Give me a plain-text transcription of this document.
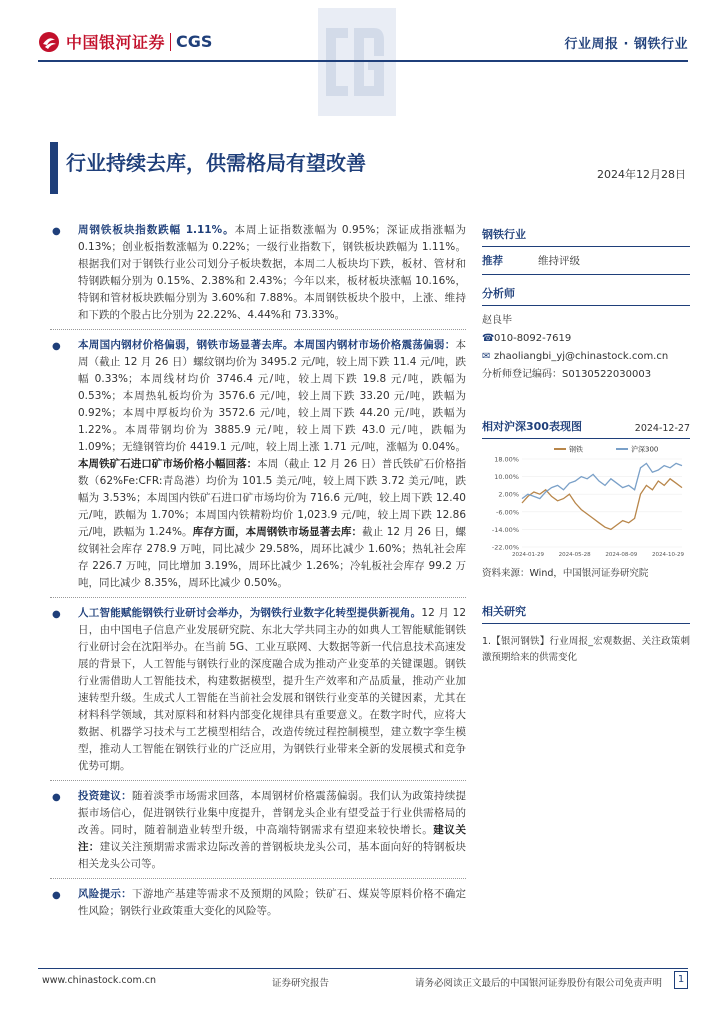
中国银河证券 CGS	行业周报 · 钢铁行业
行业持续去库，供需格局有望改善	2024年12月28日
● 周钢铁板块指数跌幅 1.11%。本周上证指数涨幅为 0.95%；深证成指涨幅为 0.13%；创业板指数涨幅为 0.22%；一级行业指数下，钢铁板块跌幅为 1.11%。根据我们对于钢铁行业公司划分子板块数据，本周二人板块均下跌，板材、管材和特钢跌幅分别为 0.15%、2.38%和 2.43%；今年以来，板材板块涨幅 10.16%，特钢和管材板块跌幅分别为 3.60%和 7.88%。本周钢铁板块个股中，上涨、维持和下跌的个股占比分别为 22.22%、4.44%和 73.33%。

● 本周国内钢材价格偏弱，钢铁市场显著去库。本周国内钢材市场价格震荡偏弱：本周（截止 12 月 26 日）螺纹钢均价为 3495.2 元/吨，较上周下跌 11.4 元/吨，跌幅 0.33%；本周线材均价 3746.4 元/吨，较上周下跌 19.8 元/吨，跌幅为 0.53%；本周热轧板均价为 3576.6 元/吨，较上周下跌 33.20 元/吨，跌幅为 0.92%；本周中厚板均价为 3572.6 元/吨，较上周下跌 44.20 元/吨，跌幅为 1.22%。本周带钢均价为 3885.9 元/吨，较上周下跌 43.0 元/吨，跌幅为 1.09%；无缝钢管均价 4419.1 元/吨，较上周上涨 1.71 元/吨，涨幅为 0.04%。本周铁矿石进口矿市场价格小幅回落：本周（截止 12 月 26 日）普氏铁矿石价格指数（62%Fe:CFR:青岛港）均价为 101.5 美元/吨，较上周下跌 3.72 美元/吨，跌幅为 3.53%；本周国内铁矿石进口矿市场均价为 716.6 元/吨，较上周下跌 12.40 元/吨，跌幅为 1.70%；本周国内铁精粉均价 1,023.9 元/吨，较上周下跌 12.86 元/吨，跌幅为 1.24%。库存方面，本周钢铁市场显著去库：截止 12 月 26 日，螺纹钢社会库存 278.9 万吨，同比减少 29.58%，周环比减少 1.60%；热轧社会库存 226.7 万吨，同比增加 3.19%，周环比减少 1.26%；冷轧板社会库存 99.2 万吨，同比减少 8.35%，周环比减少 0.50%。

● 人工智能赋能钢铁行业研讨会举办，为钢铁行业数字化转型提供新视角。12 月 12 日，由中国电子信息产业发展研究院、东北大学共同主办的如典人工智能赋能钢铁行业研讨会在沈阳举办。在当前 5G、工业互联网、大数据等新一代信息技术高速发展的背景下，人工智能与钢铁行业的深度融合成为推动产业变革的关键课题。钢铁行业需借助人工智能技术，构建数据模型，提升生产效率和产品质量，推动产业加速转型升级。生成式人工智能在当前社会发展和钢铁行业变革的关键因素，尤其在材料科学领域，其对原料和材料内部变化规律具有重要意义。在数字时代，应将大数据、机器学习技术与工艺模型相结合，改造传统过程控制模型，建立数字孪生模型，推动人工智能在钢铁行业的广泛应用，为钢铁行业带来全新的发展模式和竞争优势可期。

● 投资建议：随着淡季市场需求回落，本周钢材价格震荡偏弱。我们认为政策持续提振市场信心，促进钢铁行业集中度提升，普钢龙头企业有望受益于行业供需格局的改善。同时，随着制造业转型升级，中高端特钢需求有望迎来较快增长。建议关注：建议关注预期需求需求边际改善的普钢板块龙头公司，基本面向好的特钢板块相关龙头公司等。

● 风险提示：下游地产基建等需求不及预期的风险；铁矿石、煤炭等原料价格不确定性风险；钢铁行业政策重大变化的风险等。

钢铁行业
推荐	维持评级
分析师
赵良毕
☎010-8092-7619
✉ zhaoliangbi_yj@chinastock.com.cn
分析师登记编码：S0130522030003
相对沪深300表现图	2024-12-27
18.00%
10.00%
2.00%
-6.00%
-14.00%
-22.00%
2024-01-29	2024-05-28	2024-08-09	2024-10-29
钢铁	沪深300
资料来源：Wind，中国银河证券研究院
相关研究
1.【银河钢铁】行业周报_宏观数据、关注政策刺激预期给来的供需变化
www.chinastock.com.cn	证券研究报告	请务必阅读正文最后的中国银河证券股份有限公司免责声明	1
